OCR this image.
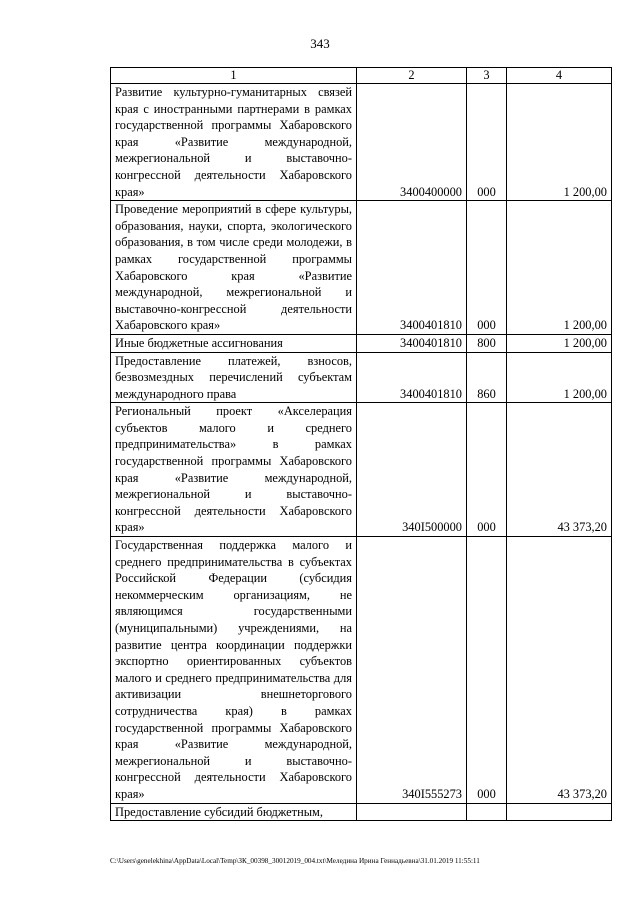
343
1	2	3	4
Развитие культурно-гуманитарных связей края с иностранными партнерами в рамках государственной программы Хабаровского края «Развитие международной, межрегиональной и выставочно-конгрессной деятельности Хабаровского края»	3400400000	000	1 200,00
Проведение мероприятий в сфере культуры, образования, науки, спорта, экологического образования, в том числе среди молодежи, в рамках государственной программы Хабаровского края «Развитие международной, межрегиональной и выставочно-конгрессной деятельности Хабаровского края»	3400401810	000	1 200,00
Иные бюджетные ассигнования	3400401810	800	1 200,00
Предоставление платежей, взносов, безвозмездных перечислений субъектам международного права	3400401810	860	1 200,00
Региональный проект «Акселерация субъектов малого и среднего предпринимательства» в рамках государственной программы Хабаровского края «Развитие международной, межрегиональной и выставочно-конгрессной деятельности Хабаровского края»	340I500000	000	43 373,20
Государственная поддержка малого и среднего предпринимательства в субъектах Российской Федерации (субсидия некоммерческим организациям, не являющимся государственными (муниципальными) учреждениями, на развитие центра координации поддержки экспортно ориентированных субъектов малого и среднего предпринимательства для активизации внешнеторгового сотрудничества края) в рамках государственной программы Хабаровского края «Развитие международной, межрегиональной и выставочно-конгрессной деятельности Хабаровского края»	340I555273	000	43 373,20
Предоставление субсидий бюджетным,			
C:\Users\genelekhina\AppData\Local\Temp\ЗК_00398_30012019_004.txt\Меледина Ирина Геннадьевна\31.01.2019 11:55:11
